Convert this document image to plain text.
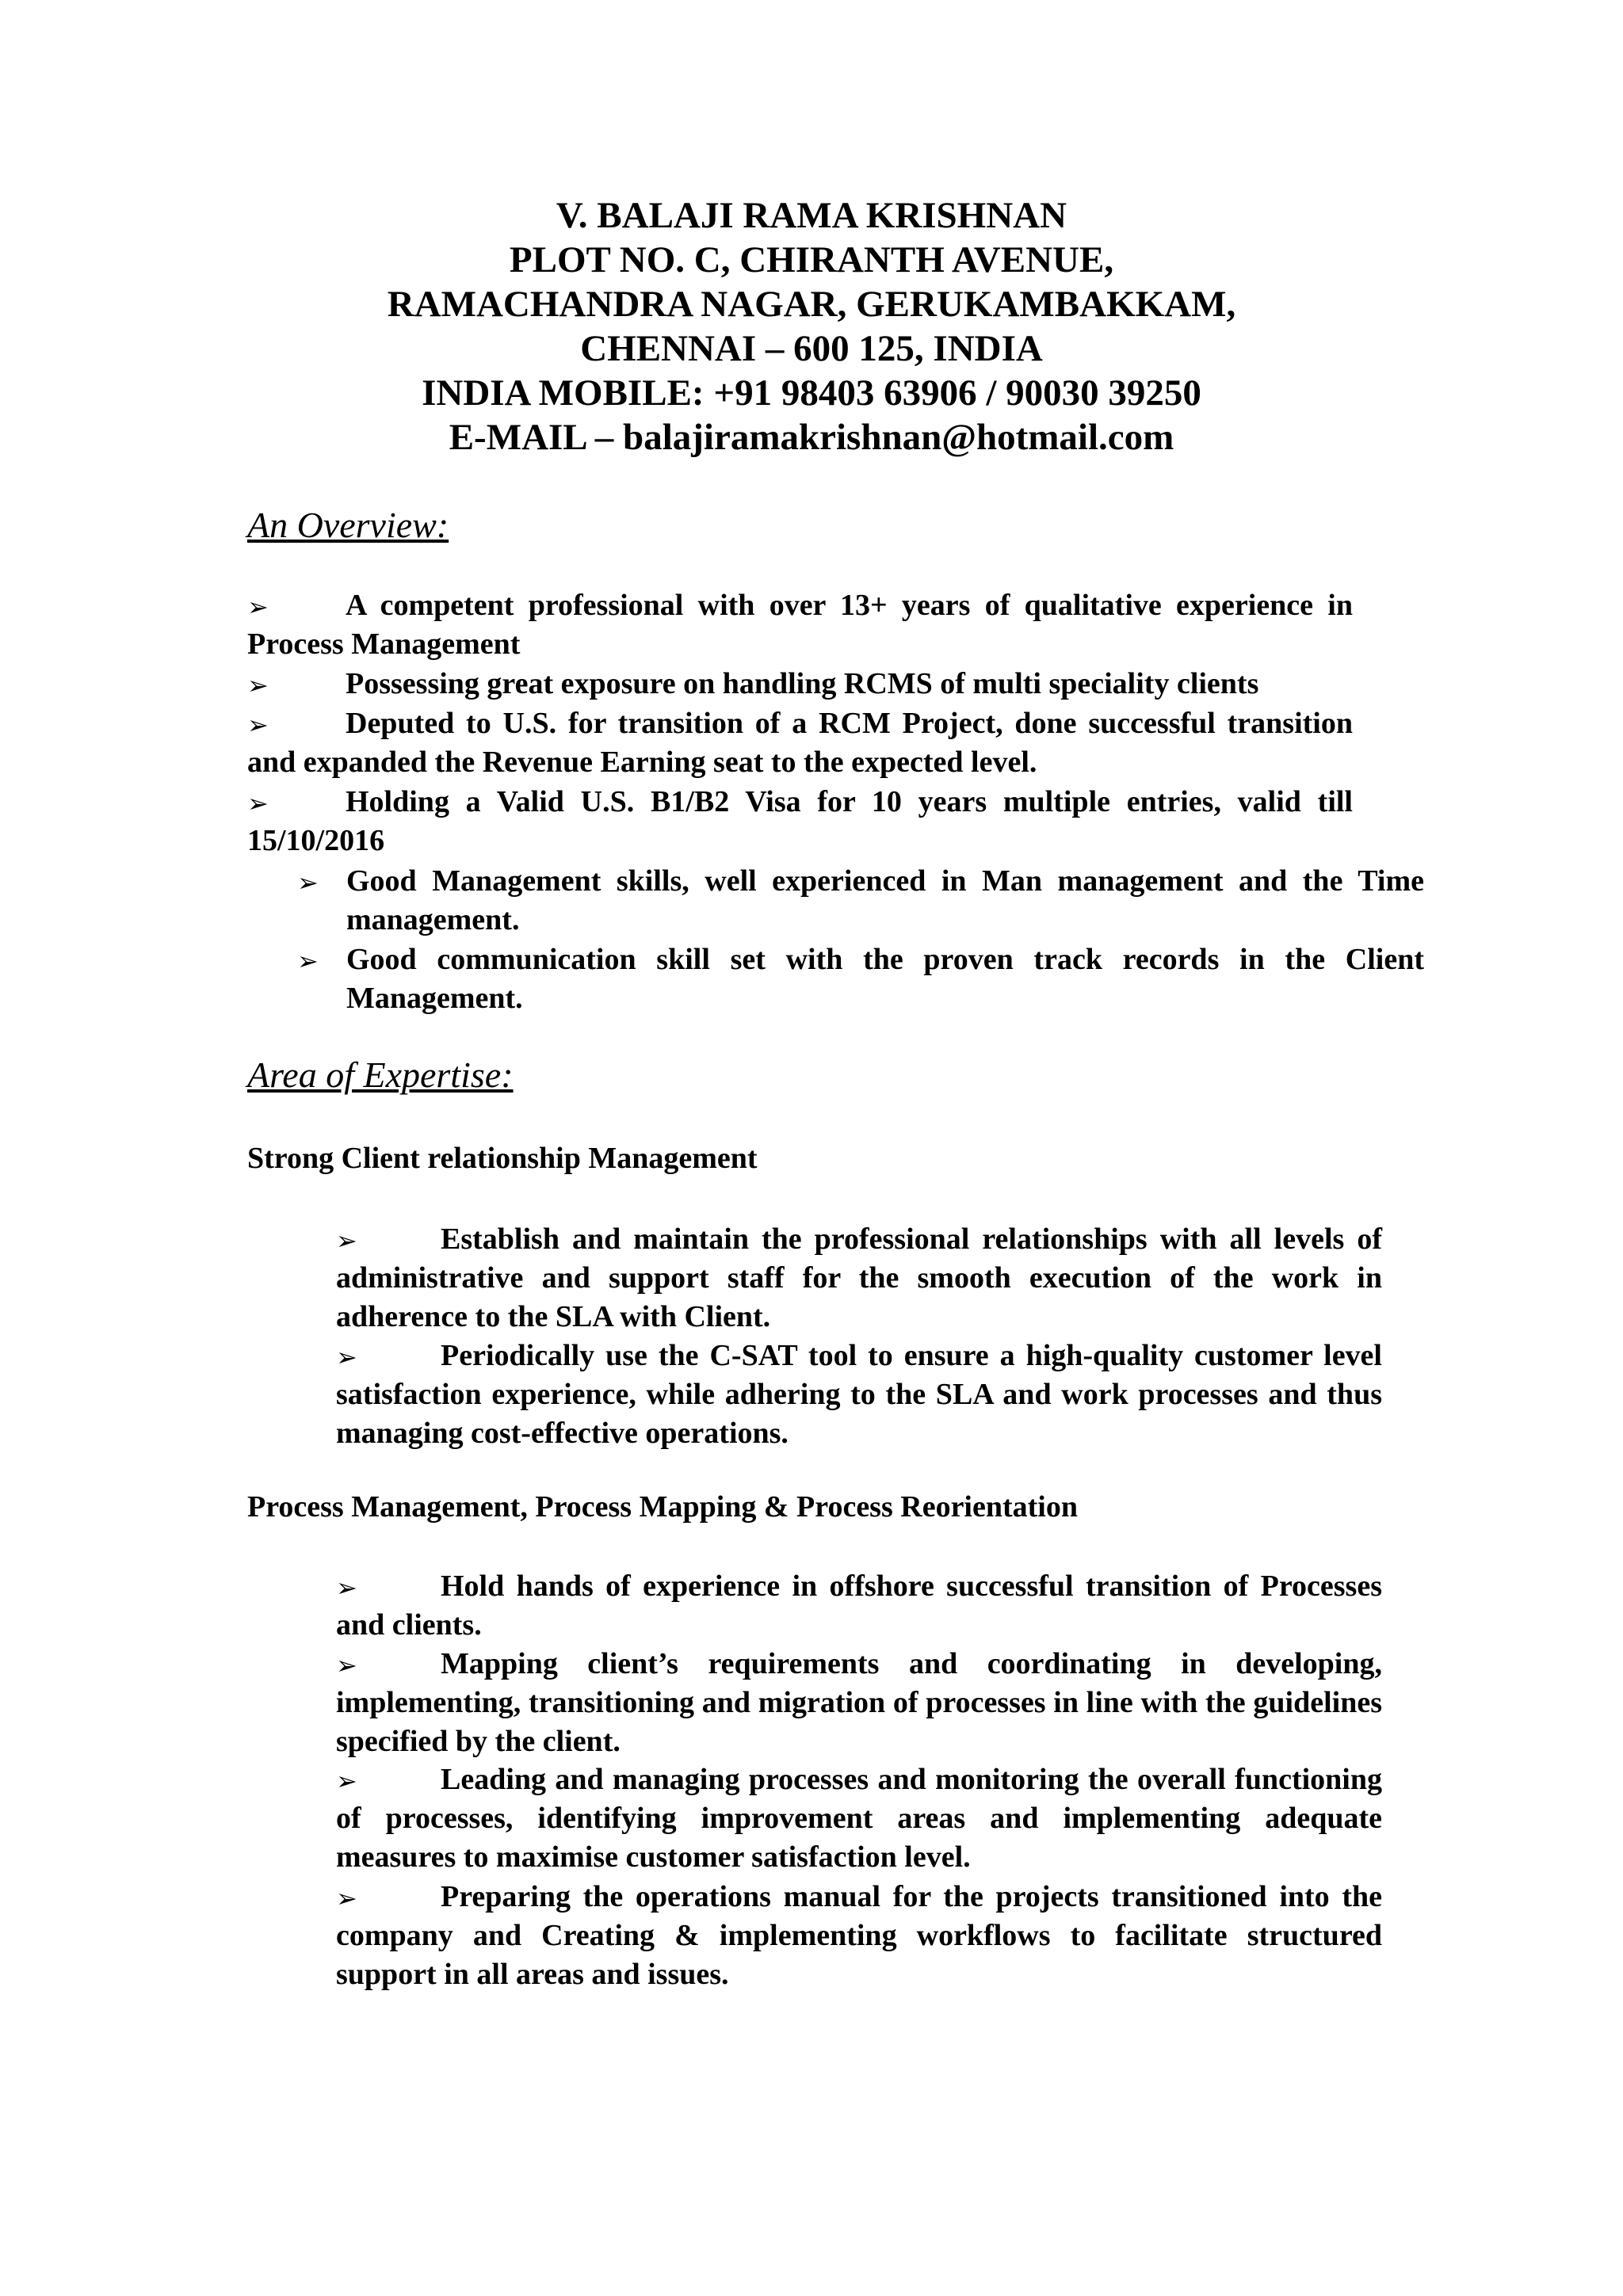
V. BALAJI RAMA KRISHNAN
PLOT NO. C, CHIRANTH AVENUE,
RAMACHANDRA NAGAR, GERUKAMBAKKAM,
CHENNAI – 600 125, INDIA
INDIA MOBILE: +91 98403 63906 / 90030 39250
E-MAIL – balajiramakrishnan@hotmail.com
An Overview:
➢	A competent professional with over 13+ years of qualitative experience in Process Management
➢	Possessing great exposure on handling RCMS of multi speciality clients
➢	Deputed to U.S. for transition of a RCM Project, done successful transition and expanded the Revenue Earning seat to the expected level.
➢	Holding a Valid U.S. B1/B2 Visa for 10 years multiple entries, valid till 15/10/2016
➢ Good Management skills, well experienced in Man management and the Time management.
➢ Good communication skill set with the proven track records in the Client Management.
Area of Expertise:
Strong Client relationship Management
➢	Establish and maintain the professional relationships with all levels of administrative and support staff for the smooth execution of the work in adherence to the SLA with Client.
➢	Periodically use the C-SAT tool to ensure a high-quality customer level satisfaction experience, while adhering to the SLA and work processes and thus managing cost-effective operations.
Process Management, Process Mapping & Process Reorientation
➢	Hold hands of experience in offshore successful transition of Processes and clients.
➢	Mapping client’s requirements and coordinating in developing, implementing, transitioning and migration of processes in line with the guidelines specified by the client.
➢	Leading and managing processes and monitoring the overall functioning of processes, identifying improvement areas and implementing adequate measures to maximise customer satisfaction level.
➢	Preparing the operations manual for the projects transitioned into the company and Creating & implementing workflows to facilitate structured support in all areas and issues.
